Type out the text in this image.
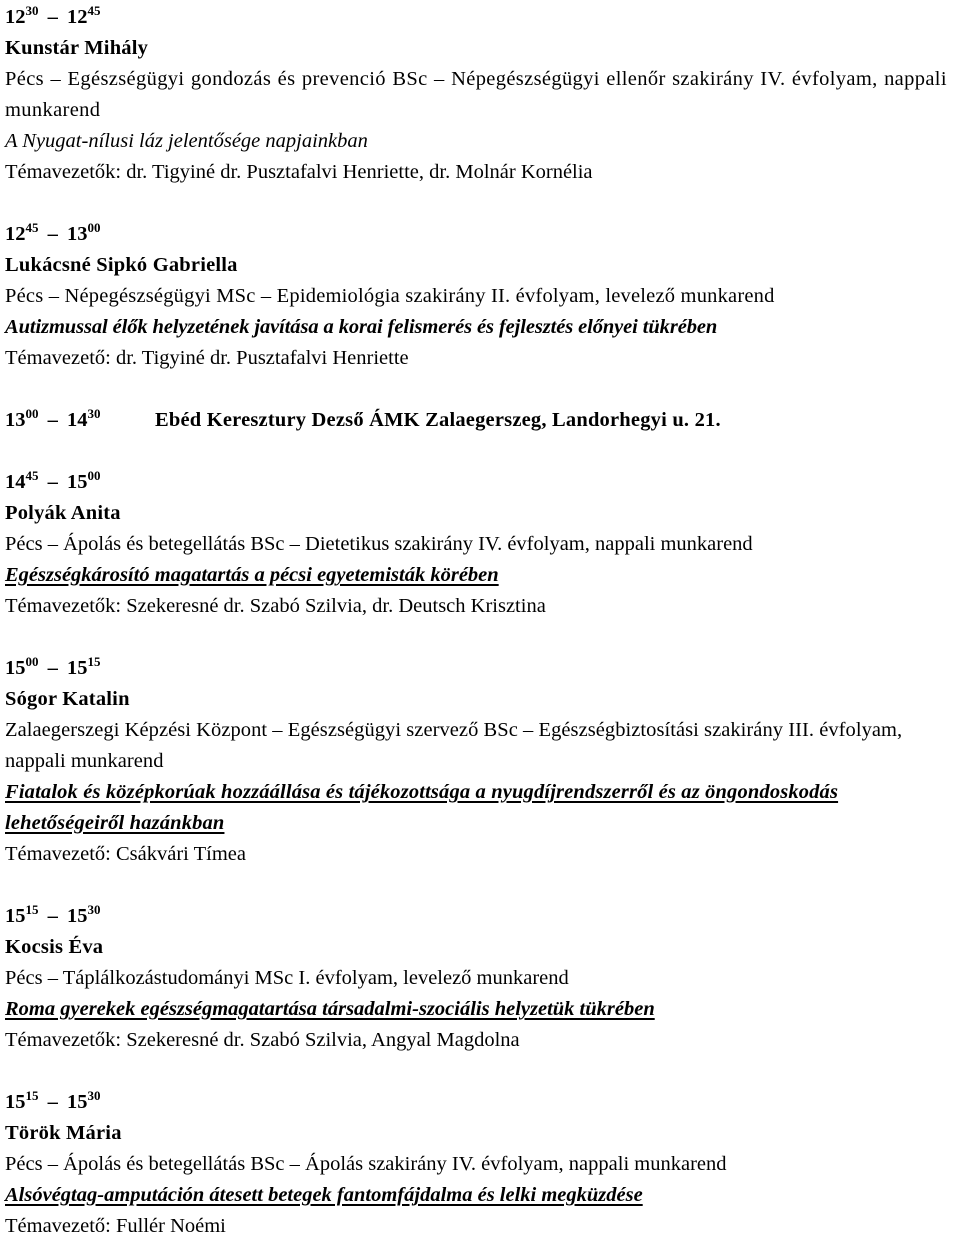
$12^{30} - 12^{45}$
Kunstár Mihály
Pécs – Egészségügyi gondozás és prevenció BSc – Népegészségügyi ellenőr szakirány IV. évfolyam, nappali munkarend
A Nyugat-nílusi láz jelentősége napjainkban
Témavezetők: dr. Tigyiné dr. Pusztafalvi Henriette, dr. Molnár Kornélia
$12^{45} - 13^{00}$
Lukácsné Sipkó Gabriella
Pécs – Népegészségügyi MSc – Epidemiológia szakirány II. évfolyam, levelező munkarend
Autizmussal élők helyzetének javítása a korai felismerés és fejlesztés előnyei tükrében
Témavezető: dr. Tigyiné dr. Pusztafalvi Henriette
$13^{00} - 14^{30}$	Ebéd Keresztury Dezső ÁMK Zalaegerszeg, Landorhegyi u. 21.
$14^{45} - 15^{00}$
Polyák Anita
Pécs – Ápolás és betegellátás BSc – Dietetikus szakirány IV. évfolyam, nappali munkarend
Egészségkárosító magatartás a pécsi egyetemisták körében
Témavezetők: Szekeresné dr. Szabó Szilvia, dr. Deutsch Krisztina
$15^{00} - 15^{15}$
Sógor Katalin
Zalaegerszegi Képzési Központ – Egészségügyi szervező BSc – Egészségbiztosítási szakirány III. évfolyam, nappali munkarend
Fiatalok és középkorúak hozzáállása és tájékozottsága a nyugdíjrendszerről és az öngondoskodás lehetőségeiről hazánkban
Témavezető: Csákvári Tímea
$15^{15} - 15^{30}$
Kocsis Éva
Pécs – Táplálkozástudományi MSc I. évfolyam, levelező munkarend
Roma gyerekek egészségmagatartása társadalmi-szociális helyzetük tükrében
Témavezetők: Szekeresné dr. Szabó Szilvia, Angyal Magdolna
$15^{15} - 15^{30}$
Török Mária
Pécs – Ápolás és betegellátás BSc – Ápolás szakirány IV. évfolyam, nappali munkarend
Alsóvégtag-amputáción átesett betegek fantomfájdalma és lelki megküzdése
Témavezető: Fullér Noémi
